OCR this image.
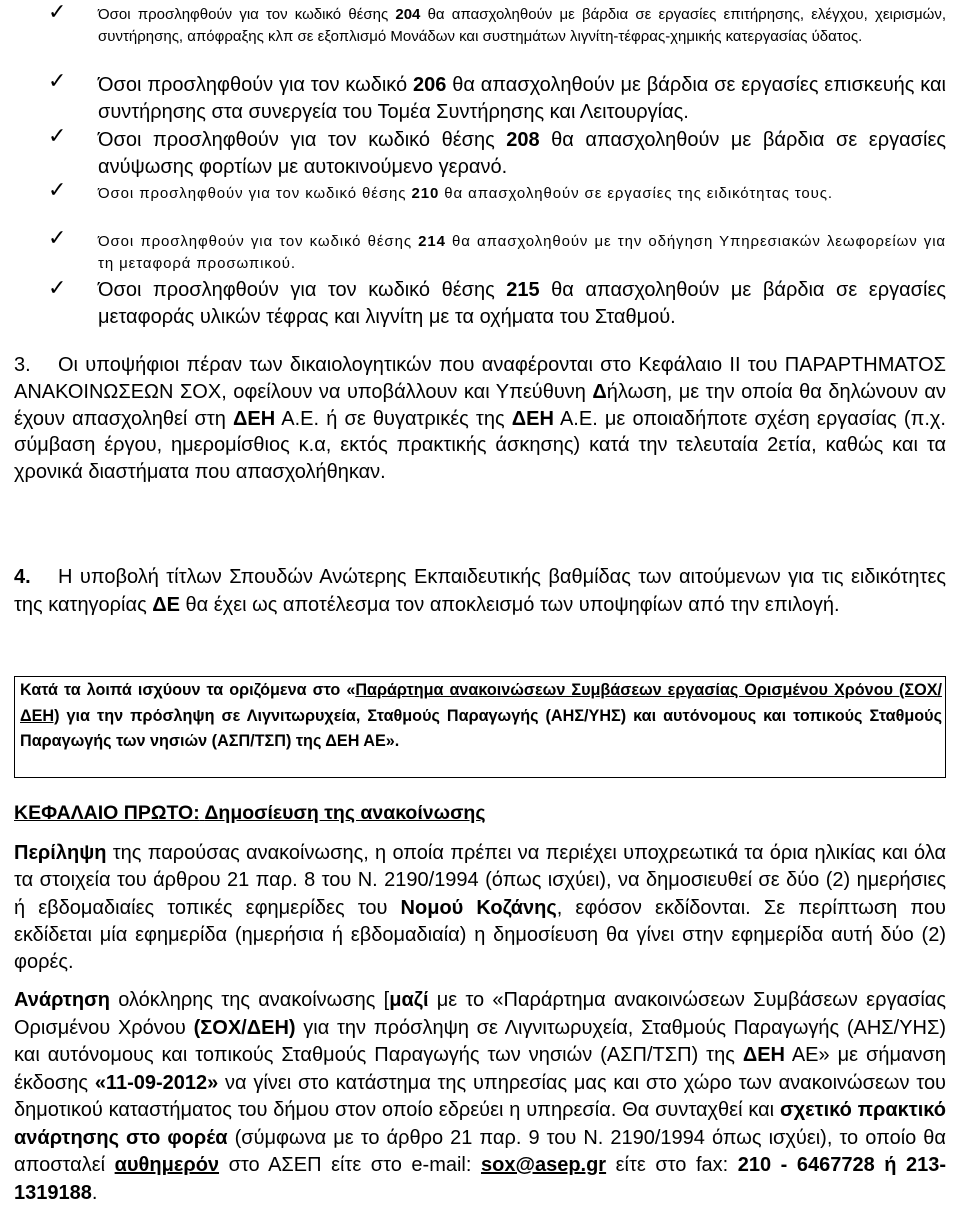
✓ Όσοι προσληφθούν για τον κωδικό θέσης 204 θα απασχοληθούν με βάρδια σε εργασίες επιτήρησης, ελέγχου, χειρισμών, συντήρησης, απόφραξης κλπ σε εξοπλισμό Μονάδων και συστημάτων λιγνίτη-τέφρας-χημικής κατεργασίας ύδατος.
✓ Όσοι προσληφθούν για τον κωδικό 206 θα απασχοληθούν με βάρδια σε εργασίες επισκευής και συντήρησης στα συνεργεία του Τομέα Συντήρησης και Λειτουργίας.
✓ Όσοι προσληφθούν για τον κωδικό θέσης 208 θα απασχοληθούν με βάρδια σε εργασίες ανύψωσης φορτίων με αυτοκινούμενο γερανό.
✓ Όσοι προσληφθούν για τον κωδικό θέσης 210 θα απασχοληθούν σε εργασίες της ειδικότητας τους.
✓ Όσοι προσληφθούν για τον κωδικό θέσης 214 θα απασχοληθούν με την οδήγηση Υπηρεσιακών λεωφορείων για τη μεταφορά προσωπικού.
✓ Όσοι προσληφθούν για τον κωδικό θέσης 215 θα απασχοληθούν με βάρδια σε εργασίες μεταφοράς υλικών τέφρας και λιγνίτη με τα οχήματα του Σταθμού.
3. Οι υποψήφιοι πέραν των δικαιολογητικών που αναφέρονται στο Κεφάλαιο ΙΙ του ΠΑΡΑΡΤΗΜΑΤΟΣ ΑΝΑΚΟΙΝΩΣΕΩΝ ΣΟΧ, οφείλουν να υποβάλλουν και Υπεύθυνη Δήλωση, με την οποία θα δηλώνουν αν έχουν απασχοληθεί στη ΔΕΗ Α.Ε. ή σε θυγατρικές της ΔΕΗ Α.Ε. με οποιαδήποτε σχέση εργασίας (π.χ. σύμβαση έργου, ημερομίσθιος κ.α, εκτός πρακτικής άσκησης) κατά την τελευταία 2ετία, καθώς και τα χρονικά διαστήματα που απασχολήθηκαν.
4. Η υποβολή τίτλων Σπουδών Ανώτερης Εκπαιδευτικής βαθμίδας των αιτούμενων για τις ειδικότητες της κατηγορίας ΔΕ θα έχει ως αποτέλεσμα τον αποκλεισμό των υποψηφίων από την επιλογή.
Κατά τα λοιπά ισχύουν τα οριζόμενα στο «Παράρτημα ανακοινώσεων Συμβάσεων εργασίας Ορισμένου Χρόνου (ΣΟΧ/ΔΕΗ) για την πρόσληψη σε Λιγνιτωρυχεία, Σταθμούς Παραγωγής (ΑΗΣ/ΥΗΣ) και αυτόνομους και τοπικούς Σταθμούς Παραγωγής των νησιών (ΑΣΠ/ΤΣΠ) της ΔΕΗ ΑΕ».
ΚΕΦΑΛΑΙΟ ΠΡΩΤΟ: Δημοσίευση της ανακοίνωσης
Περίληψη της παρούσας ανακοίνωσης, η οποία πρέπει να περιέχει υποχρεωτικά τα όρια ηλικίας και όλα τα στοιχεία του άρθρου 21 παρ. 8 του Ν. 2190/1994 (όπως ισχύει), να δημοσιευθεί σε δύο (2) ημερήσιες ή εβδομαδιαίες τοπικές εφημερίδες του Νομού Κοζάνης, εφόσον εκδίδονται. Σε περίπτωση που εκδίδεται μία εφημερίδα (ημερήσια ή εβδομαδιαία) η δημοσίευση θα γίνει στην εφημερίδα αυτή δύο (2) φορές.
Ανάρτηση ολόκληρης της ανακοίνωσης [μαζί με το «Παράρτημα ανακοινώσεων Συμβάσεων εργασίας Ορισμένου Χρόνου (ΣΟΧ/ΔΕΗ) για την πρόσληψη σε Λιγνιτωρυχεία, Σταθμούς Παραγωγής (ΑΗΣ/ΥΗΣ) και αυτόνομους και τοπικούς Σταθμούς Παραγωγής των νησιών (ΑΣΠ/ΤΣΠ) της ΔΕΗ ΑΕ» με σήμανση έκδοσης «11-09-2012» να γίνει στο κατάστημα της υπηρεσίας μας και στο χώρο των ανακοινώσεων του δημοτικού καταστήματος του δήμου στον οποίο εδρεύει η υπηρεσία. Θα συνταχθεί και σχετικό πρακτικό ανάρτησης στο φορέα (σύμφωνα με το άρθρο 21 παρ. 9 του Ν. 2190/1994 όπως ισχύει), το οποίο θα αποσταλεί αυθημερόν στο ΑΣΕΠ είτε στο e-mail: sox@asep.gr είτε στο fax: 210 - 6467728 ή 213- 1319188.
